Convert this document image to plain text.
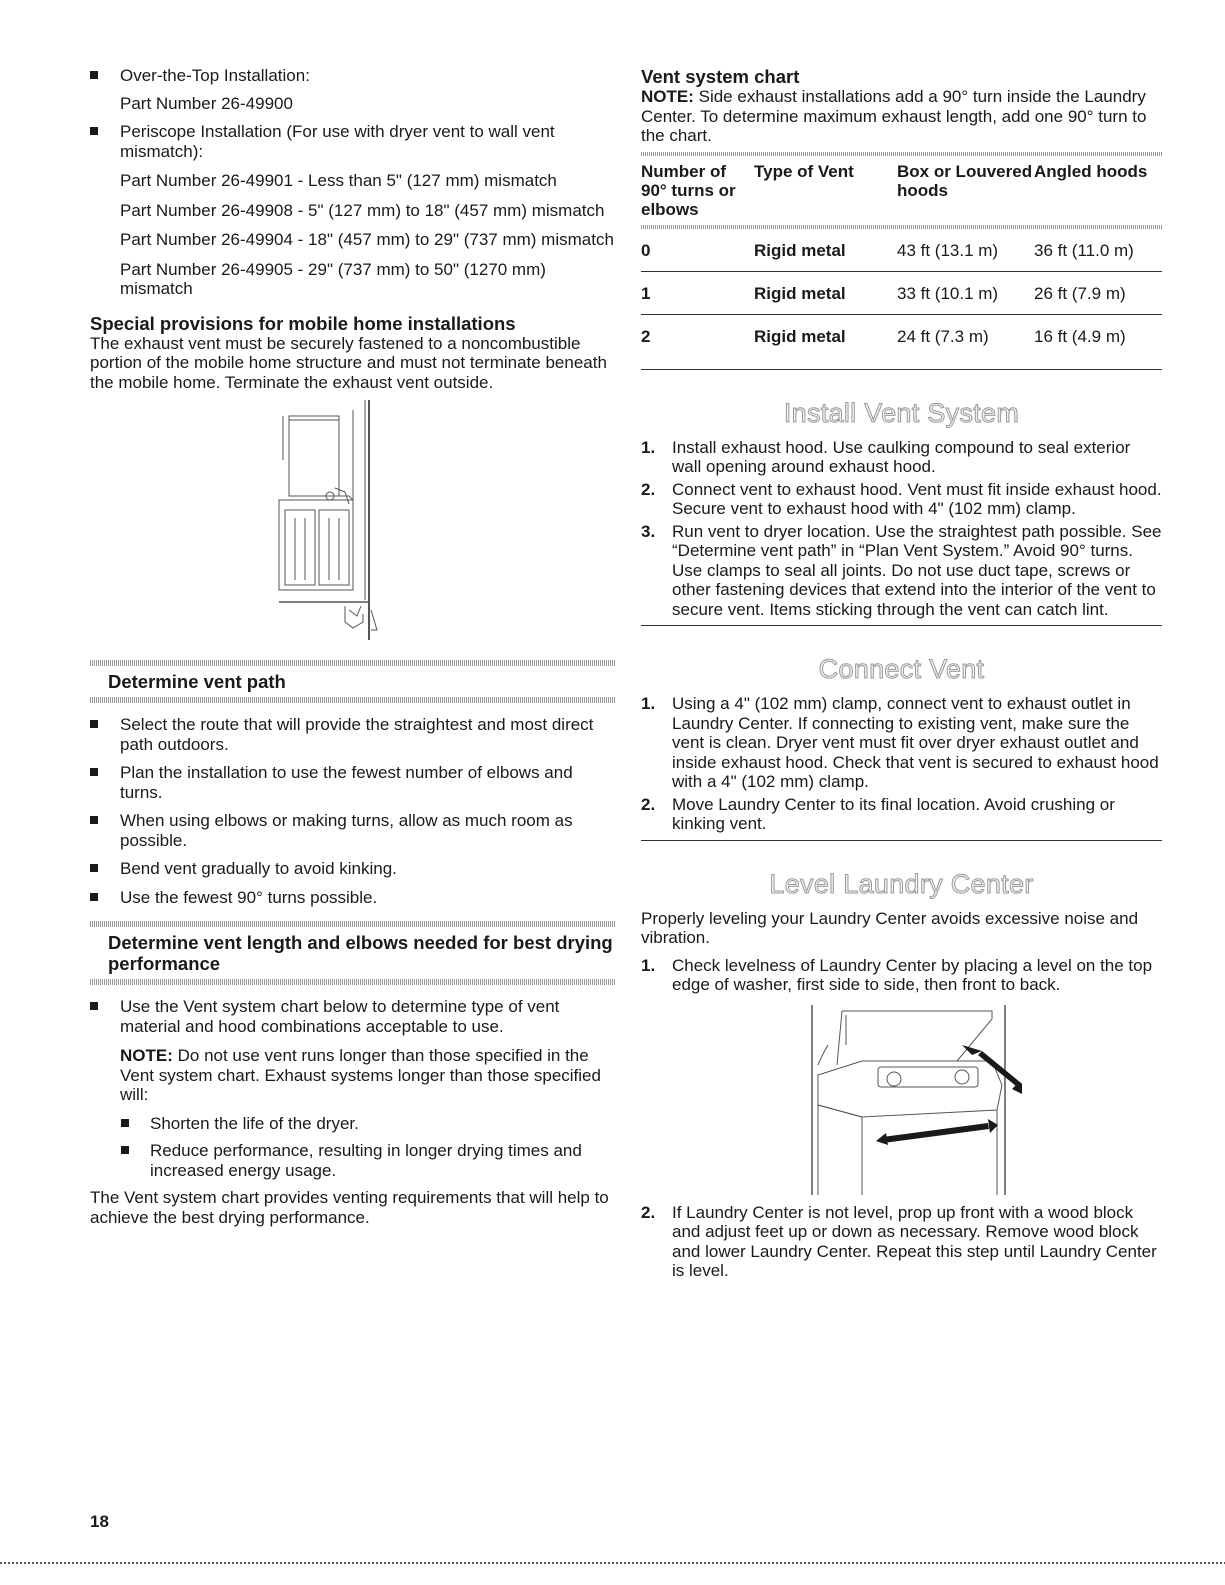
Over-the-Top Installation:
Part Number 26-49900
Periscope Installation (For use with dryer vent to wall vent mismatch):
Part Number 26-49901 - Less than 5" (127 mm) mismatch
Part Number 26-49908 - 5" (127 mm) to 18" (457 mm) mismatch
Part Number 26-49904 - 18" (457 mm) to 29" (737 mm) mismatch
Part Number 26-49905 - 29" (737 mm) to 50" (1270 mm) mismatch
Special provisions for mobile home installations

The exhaust vent must be securely fastened to a noncombustible portion of the mobile home structure and must not terminate beneath the mobile home. Terminate the exhaust vent outside.

Determine vent path
Select the route that will provide the straightest and most direct path outdoors.
Plan the installation to use the fewest number of elbows and turns.
When using elbows or making turns, allow as much room as possible.
Bend vent gradually to avoid kinking.
Use the fewest 90° turns possible.
Determine vent length and elbows needed for best drying performance
Use the Vent system chart below to determine type of vent material and hood combinations acceptable to use.
NOTE: Do not use vent runs longer than those specified in the Vent system chart. Exhaust systems longer than those specified will:
Shorten the life of the dryer.
Reduce performance, resulting in longer drying times and increased energy usage.

The Vent system chart provides venting requirements that will help to achieve the best drying performance.

Vent system chart

NOTE: Side exhaust installations add a 90° turn inside the Laundry Center. To determine maximum exhaust length, add one 90° turn to the chart.

Number of 90° turns or elbows	Type of Vent	Box or Louvered hoods	Angled hoods

0	Rigid metal	43 ft (13.1 m)	36 ft (11.0 m)
1	Rigid metal	33 ft (10.1 m)	26 ft (7.9 m)
2	Rigid metal	24 ft (7.3 m)	16 ft (4.9 m)
Install Vent System
1. Install exhaust hood. Use caulking compound to seal exterior wall opening around exhaust hood.
2. Connect vent to exhaust hood. Vent must fit inside exhaust hood. Secure vent to exhaust hood with 4" (102 mm) clamp.
3. Run vent to dryer location. Use the straightest path possible. See “Determine vent path” in “Plan Vent System.” Avoid 90° turns. Use clamps to seal all joints. Do not use duct tape, screws or other fastening devices that extend into the interior of the vent to secure vent. Items sticking through the vent can catch lint.
Connect Vent
1. Using a 4" (102 mm) clamp, connect vent to exhaust outlet in Laundry Center. If connecting to existing vent, make sure the vent is clean. Dryer vent must fit over dryer exhaust outlet and inside exhaust hood. Check that vent is secured to exhaust hood with a 4" (102 mm) clamp.
2. Move Laundry Center to its final location. Avoid crushing or kinking vent.
Level Laundry Center

Properly leveling your Laundry Center avoids excessive noise and vibration.

1. Check levelness of Laundry Center by placing a level on the top edge of washer, first side to side, then front to back.
2. If Laundry Center is not level, prop up front with a wood block and adjust feet up or down as necessary. Remove wood block and lower Laundry Center. Repeat this step until Laundry Center is level.
18
